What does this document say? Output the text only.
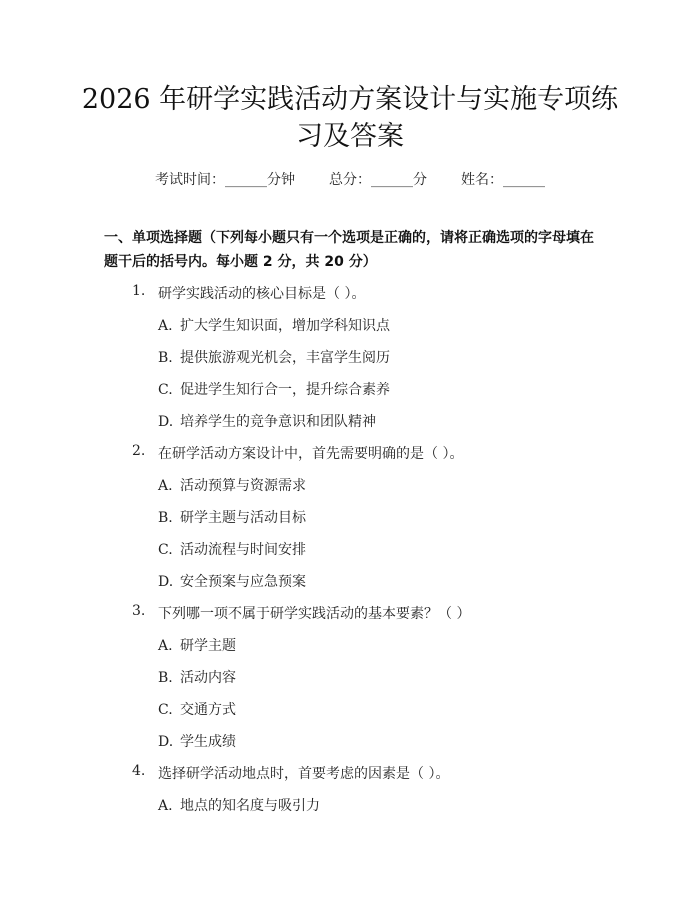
2026 年研学实践活动方案设计与实施专项练
习及答案
考试时间：______分钟 总分：______分 姓名：______
一、单项选择题（下列每小题只有一个选项是正确的，请将正确选项的字母填在题干后的括号内。每小题 2 分，共 20 分）
1. 研学实践活动的核心目标是（ ）。
A. 扩大学生知识面，增加学科知识点
B. 提供旅游观光机会，丰富学生阅历
C. 促进学生知行合一，提升综合素养
D. 培养学生的竞争意识和团队精神
2. 在研学活动方案设计中，首先需要明确的是（ ）。
A. 活动预算与资源需求
B. 研学主题与活动目标
C. 活动流程与时间安排
D. 安全预案与应急预案
3. 下列哪一项不属于研学实践活动的基本要素？（ ）
A. 研学主题
B. 活动内容
C. 交通方式
D. 学生成绩
4. 选择研学活动地点时，首要考虑的因素是（ ）。
A. 地点的知名度与吸引力
